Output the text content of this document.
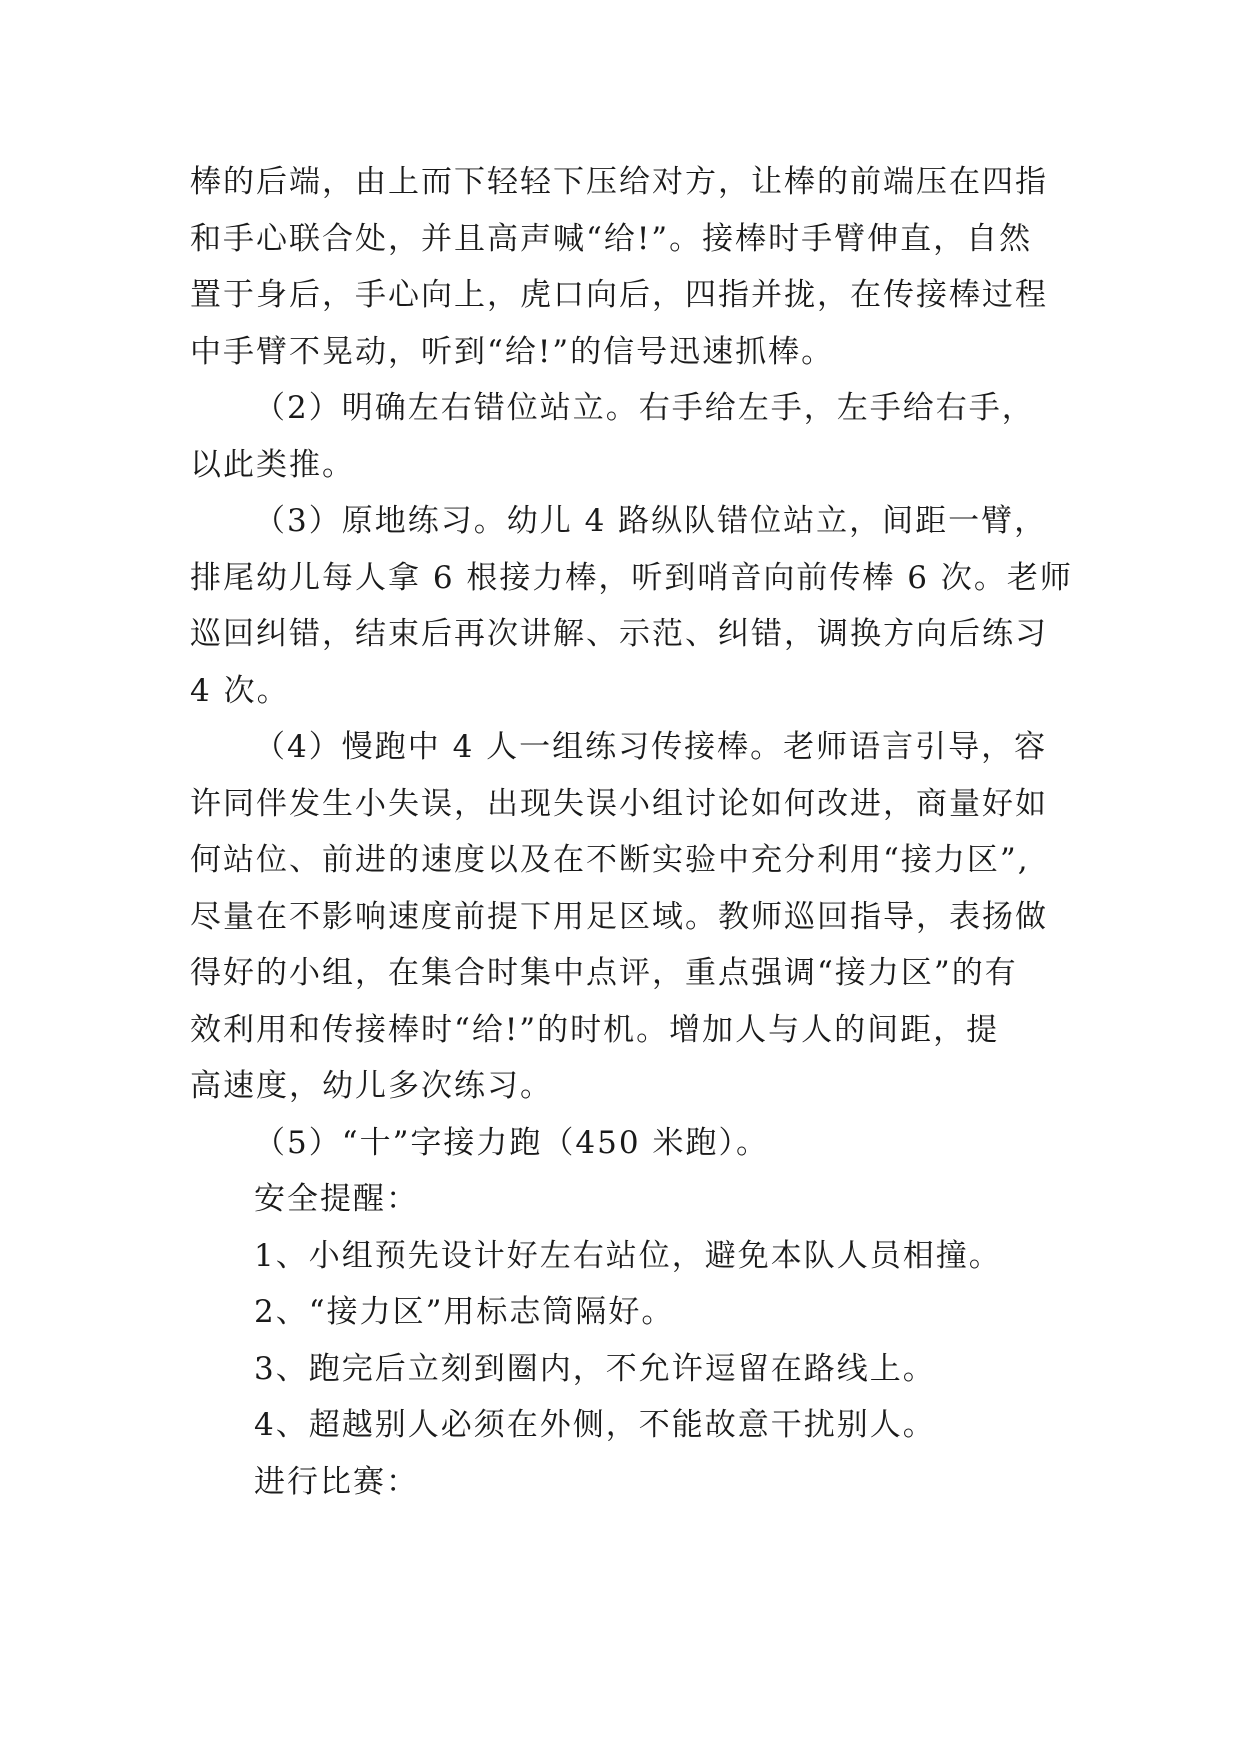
棒的后端，由上而下轻轻下压给对方，让棒的前端压在四指
和手心联合处，并且高声喊“给!”。接棒时手臂伸直，自然
置于身后，手心向上，虎口向后，四指并拢，在传接棒过程
中手臂不晃动，听到“给!”的信号迅速抓棒。
（2）明确左右错位站立。右手给左手，左手给右手，
以此类推。
（3）原地练习。幼儿 4 路纵队错位站立，间距一臂，
排尾幼儿每人拿 6 根接力棒，听到哨音向前传棒 6 次。老师
巡回纠错，结束后再次讲解、示范、纠错，调换方向后练习
4 次。
（4）慢跑中 4 人一组练习传接棒。老师语言引导，容
许同伴发生小失误，出现失误小组讨论如何改进，商量好如
何站位、前进的速度以及在不断实验中充分利用“接力区”,
尽量在不影响速度前提下用足区域。教师巡回指导，表扬做
得好的小组，在集合时集中点评，重点强调“接力区”的有
效利用和传接棒时“给!”的时机。增加人与人的间距，提
高速度，幼儿多次练习。
（5）“十”字接力跑（450 米跑）。
安全提醒：
1、小组预先设计好左右站位，避免本队人员相撞。
2、“接力区”用标志筒隔好。
3、跑完后立刻到圈内，不允许逗留在路线上。
4、超越别人必须在外侧，不能故意干扰别人。
进行比赛：
